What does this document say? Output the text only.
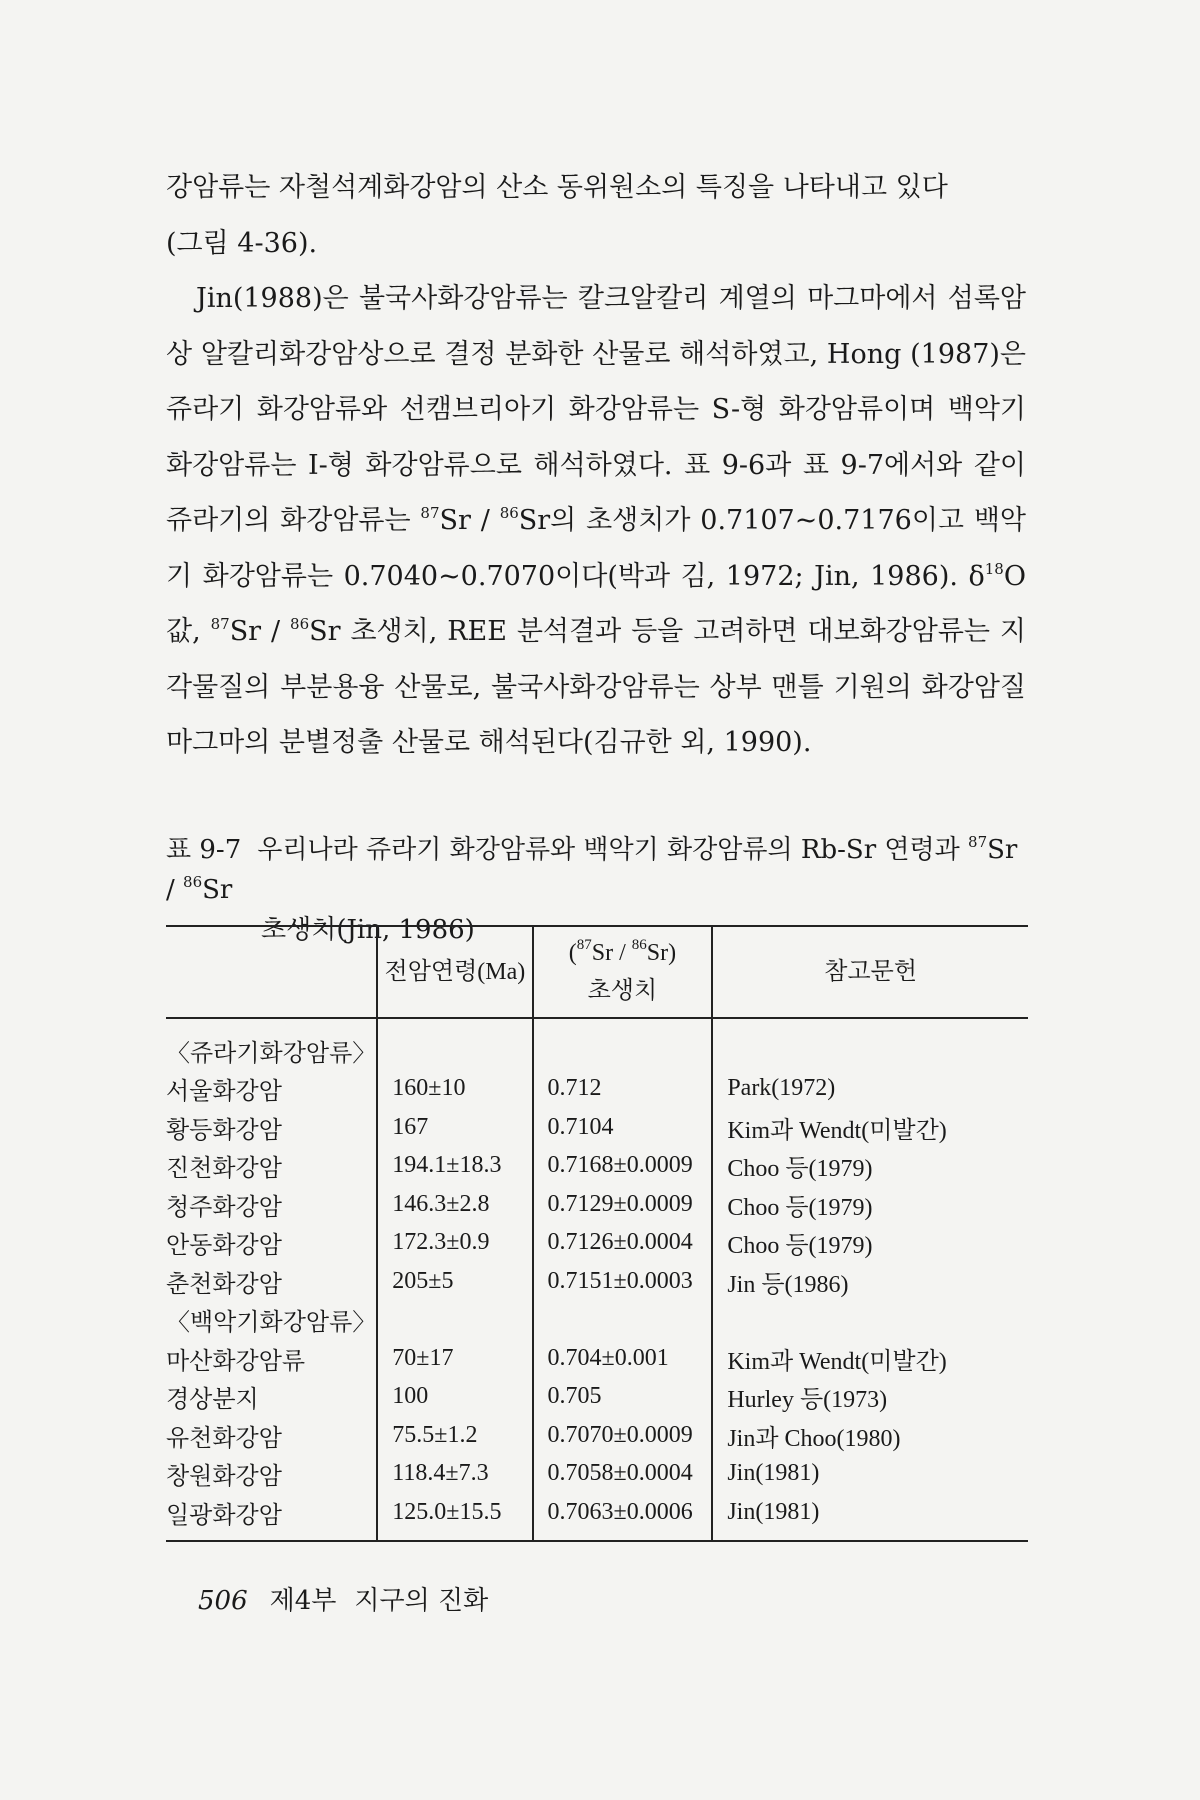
강암류는 자철석계화강암의 산소 동위원소의 특징을 나타내고 있다
(그림 4-36).

Jin(1988)은 불국사화강암류는 칼크알칼리 계열의 마그마에서 섬록암상 알칼리화강암상으로 결정 분화한 산물로 해석하였고, Hong (1987)은 쥬라기 화강암류와 선캠브리아기 화강암류는 S-형 화강암류이며 백악기 화강암류는 I-형 화강암류으로 해석하였다. 표 9-6과 표 9-7에서와 같이 쥬라기의 화강암류는 $^{87}$Sr / $^{86}$Sr의 초생치가 0.7107~0.7176이고 백악기 화강암류는 0.7040~0.7070이다(박과 김, 1972; Jin, 1986). $\delta^{18}O$ 값, $^{87}$Sr / $^{86}$Sr 초생치, REE 분석결과 등을 고려하면 대보화강암류는 지각물질의 부분용융 산물로, 불국사화강암류는 상부 맨틀 기원의 화강암질 마그마의 분별정출 산물로 해석된다(김규한 외, 1990).

표 9-7 우리나라 쥬라기 화강암류와 백악기 화강암류의 Rb-Sr 연령과 $^{87}$Sr / $^{86}$Sr
초생치(Jin, 1986)
	전암연령(Ma)	($^{87}$Sr / $^{86}$Sr)
초생치	참고문헌
〈쥬라기화강암류〉			
서울화강암	160±10	0.712	Park(1972)
황등화강암	167	0.7104	Kim과 Wendt(미발간)
진천화강암	194.1±18.3	0.7168±0.0009	Choo 등(1979)
청주화강암	146.3±2.8	0.7129±0.0009	Choo 등(1979)
안동화강암	172.3±0.9	0.7126±0.0004	Choo 등(1979)
춘천화강암	205±5	0.7151±0.0003	Jin 등(1986)
〈백악기화강암류〉			
마산화강암류	70±17	0.704±0.001	Kim과 Wendt(미발간)
경상분지	100	0.705	Hurley 등(1973)
유천화강암	75.5±1.2	0.7070±0.0009	Jin과 Choo(1980)
창원화강암	118.4±7.3	0.7058±0.0004	Jin(1981)
일광화강암	125.0±15.5	0.7063±0.0006	Jin(1981)
506 제4부 지구의 진화
